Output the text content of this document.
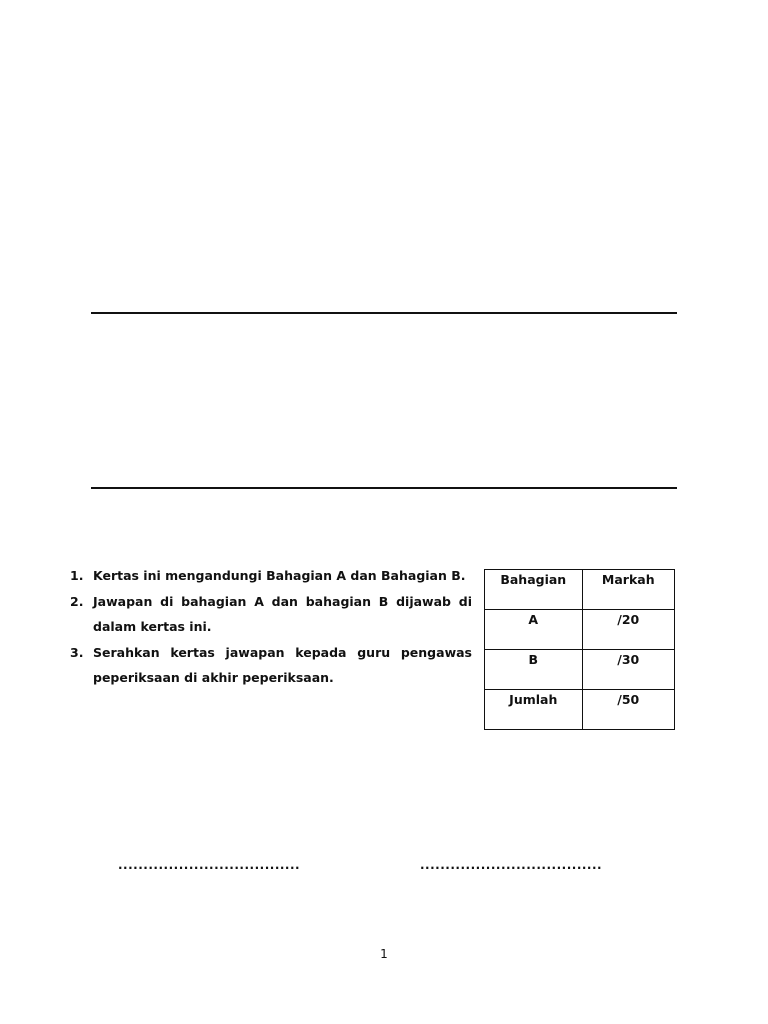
1. Kertas ini mengandungi Bahagian A dan Bahagian B.
2. Jawapan di bahagian A dan bahagian B dijawab di dalam kertas ini.
3. Serahkan kertas jawapan kepada guru pengawas peperiksaan di akhir peperiksaan.
Bahagian	Markah
A	/20
B	/30
Jumlah	/50
....................................	....................................
1
